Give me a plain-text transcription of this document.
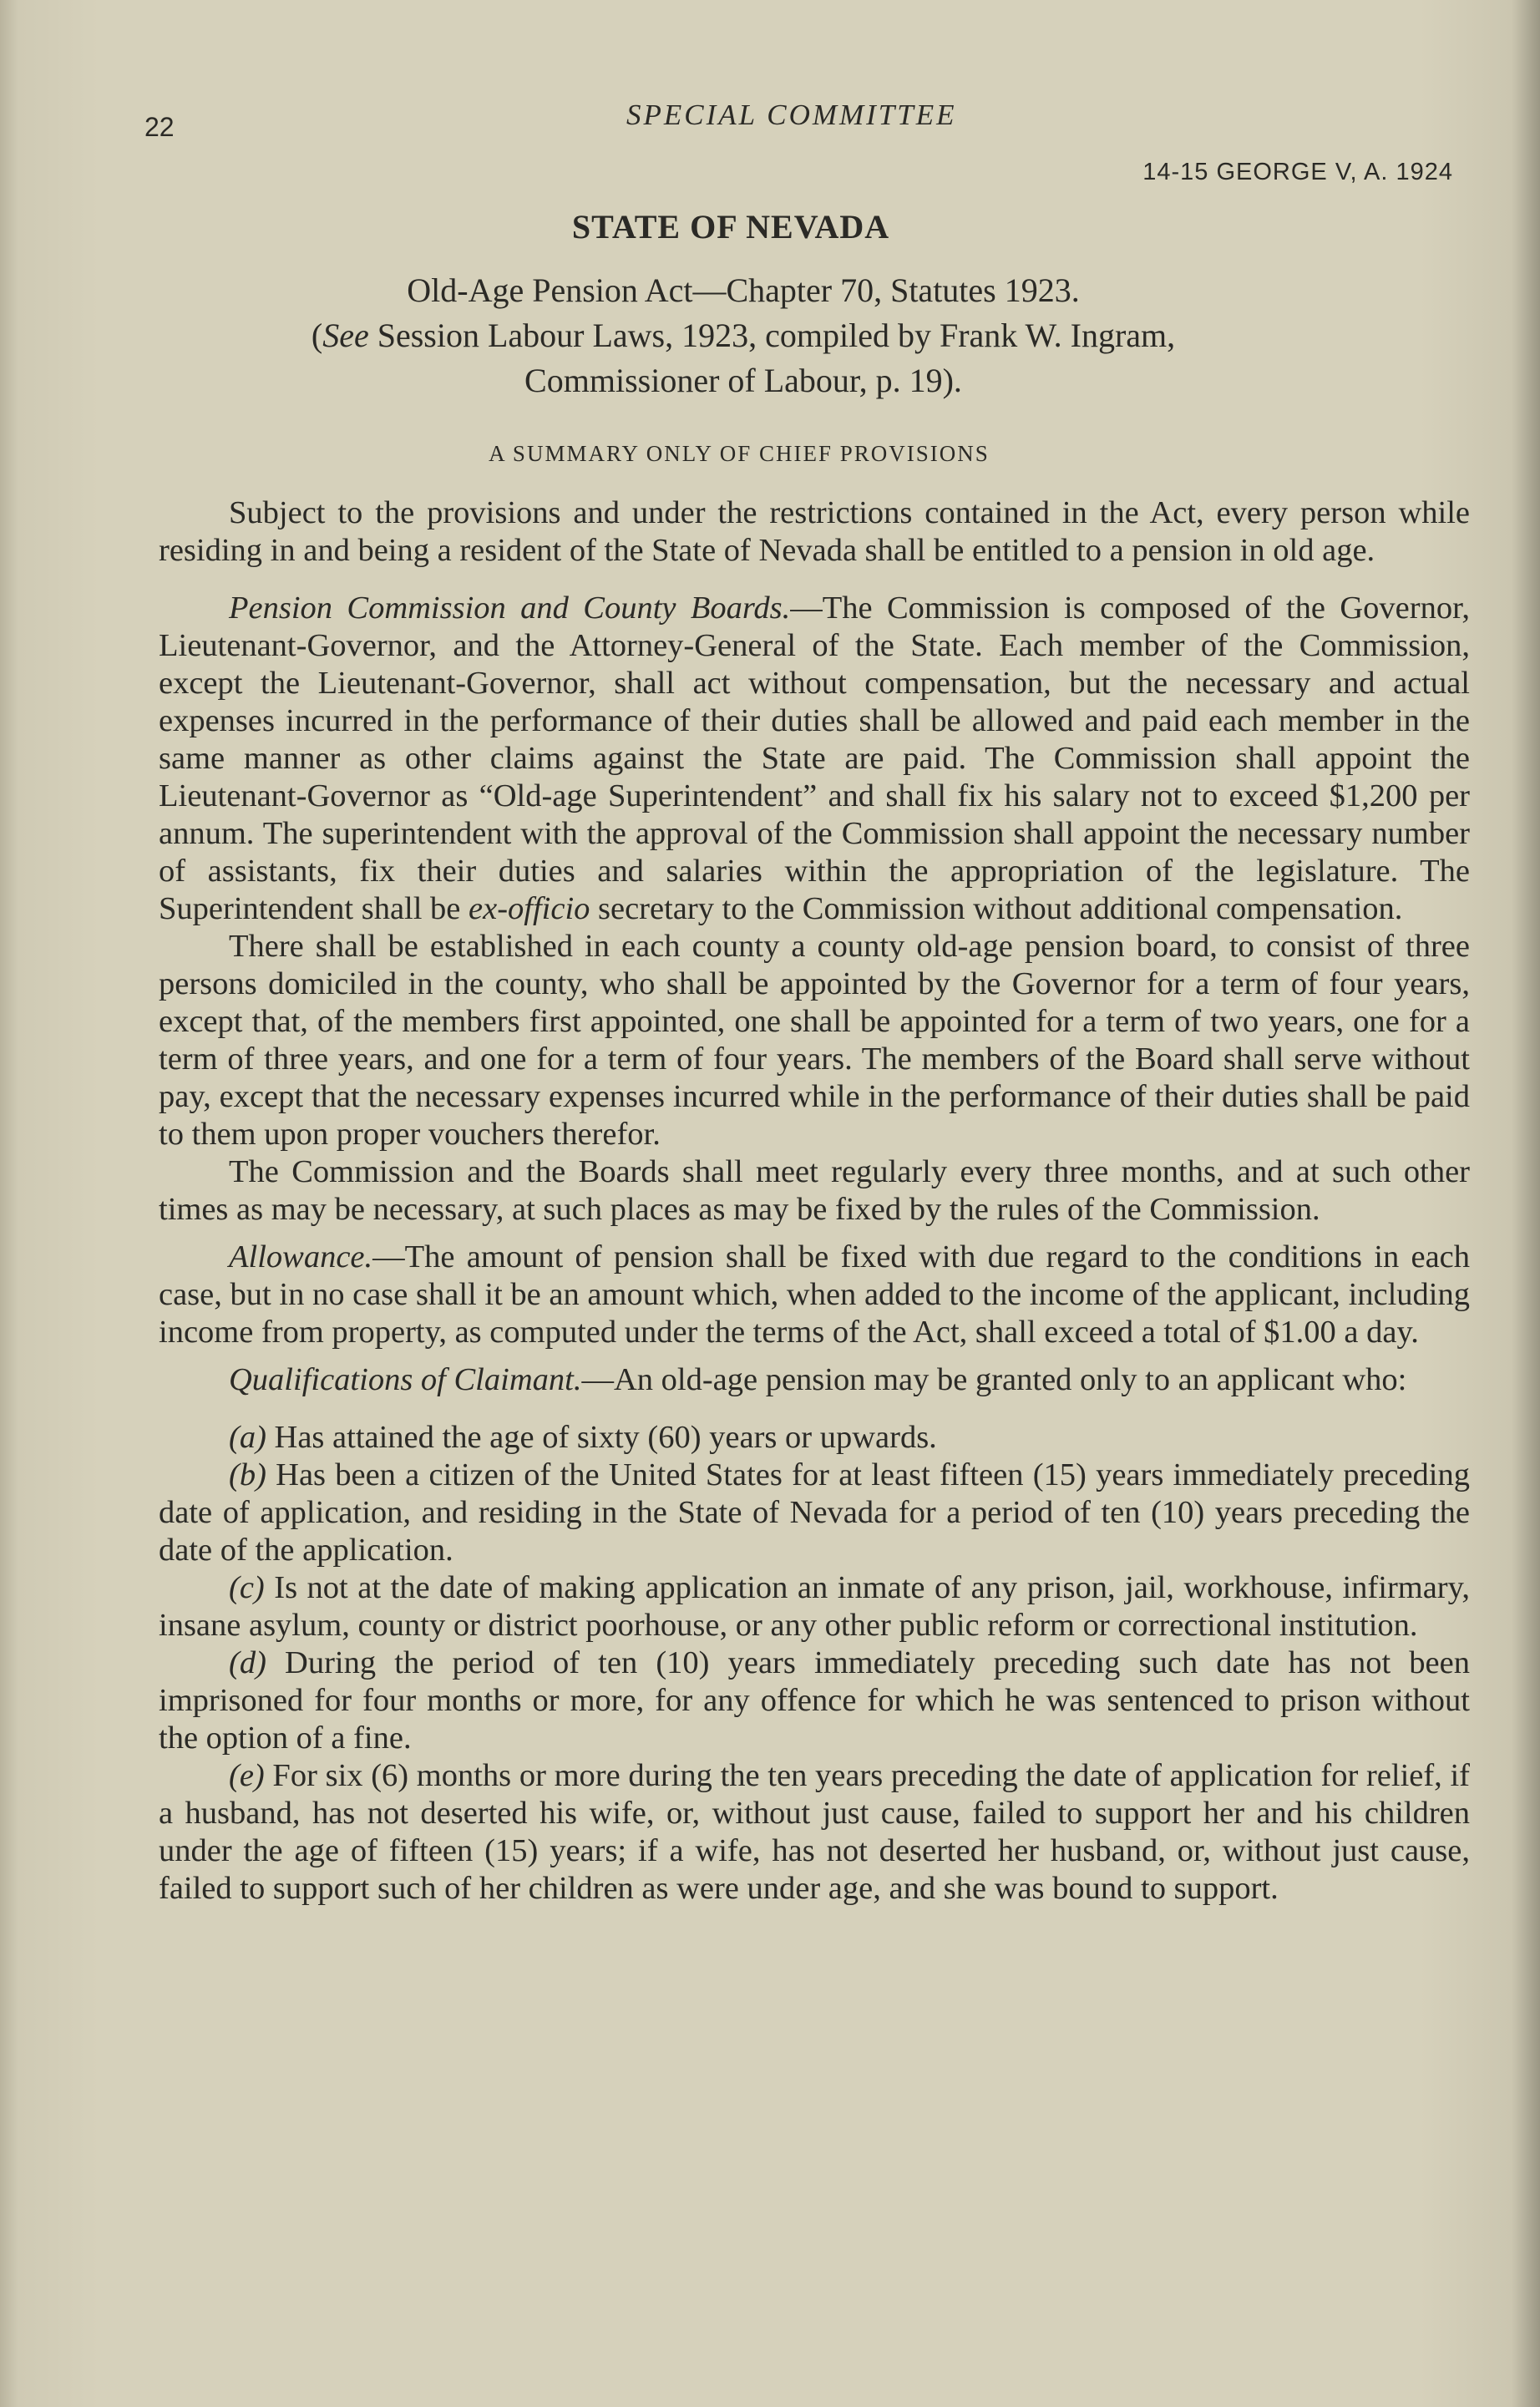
22	SPECIAL COMMITTEE
14-15 GEORGE V, A. 1924
STATE OF NEVADA
Old-Age Pension Act—Chapter 70, Statutes 1923.
(See Session Labour Laws, 1923, compiled by Frank W. Ingram,
Commissioner of Labour, p. 19).
A SUMMARY ONLY OF CHIEF PROVISIONS

Subject to the provisions and under the restrictions contained in the Act, every person while residing in and being a resident of the State of Nevada shall be entitled to a pension in old age.

Pension Commission and County Boards.—The Commission is composed of the Governor, Lieutenant-Governor, and the Attorney-General of the State. Each member of the Commission, except the Lieutenant-Governor, shall act without compensation, but the necessary and actual expenses incurred in the performance of their duties shall be allowed and paid each member in the same manner as other claims against the State are paid. The Commission shall appoint the Lieutenant-Governor as “Old-age Superintendent” and shall fix his salary not to exceed $1,200 per annum. The superintendent with the approval of the Commission shall appoint the necessary number of assistants, fix their duties and salaries within the appropriation of the legislature. The Superintendent shall be ex-officio secretary to the Commission without additional compensation.

There shall be established in each county a county old-age pension board, to consist of three persons domiciled in the county, who shall be appointed by the Governor for a term of four years, except that, of the members first appointed, one shall be appointed for a term of two years, one for a term of three years, and one for a term of four years. The members of the Board shall serve without pay, except that the necessary expenses incurred while in the performance of their duties shall be paid to them upon proper vouchers therefor.

The Commission and the Boards shall meet regularly every three months, and at such other times as may be necessary, at such places as may be fixed by the rules of the Commission.

Allowance.—The amount of pension shall be fixed with due regard to the conditions in each case, but in no case shall it be an amount which, when added to the income of the applicant, including income from property, as computed under the terms of the Act, shall exceed a total of $1.00 a day.

Qualifications of Claimant.—An old-age pension may be granted only to an applicant who:

(a) Has attained the age of sixty (60) years or upwards.

(b) Has been a citizen of the United States for at least fifteen (15) years immediately preceding date of application, and residing in the State of Nevada for a period of ten (10) years preceding the date of the application.

(c) Is not at the date of making application an inmate of any prison, jail, workhouse, infirmary, insane asylum, county or district poorhouse, or any other public reform or correctional institution.

(d) During the period of ten (10) years immediately preceding such date has not been imprisoned for four months or more, for any offence for which he was sentenced to prison without the option of a fine.

(e) For six (6) months or more during the ten years preceding the date of application for relief, if a husband, has not deserted his wife, or, without just cause, failed to support her and his children under the age of fifteen (15) years; if a wife, has not deserted her husband, or, without just cause, failed to support such of her children as were under age, and she was bound to support.
